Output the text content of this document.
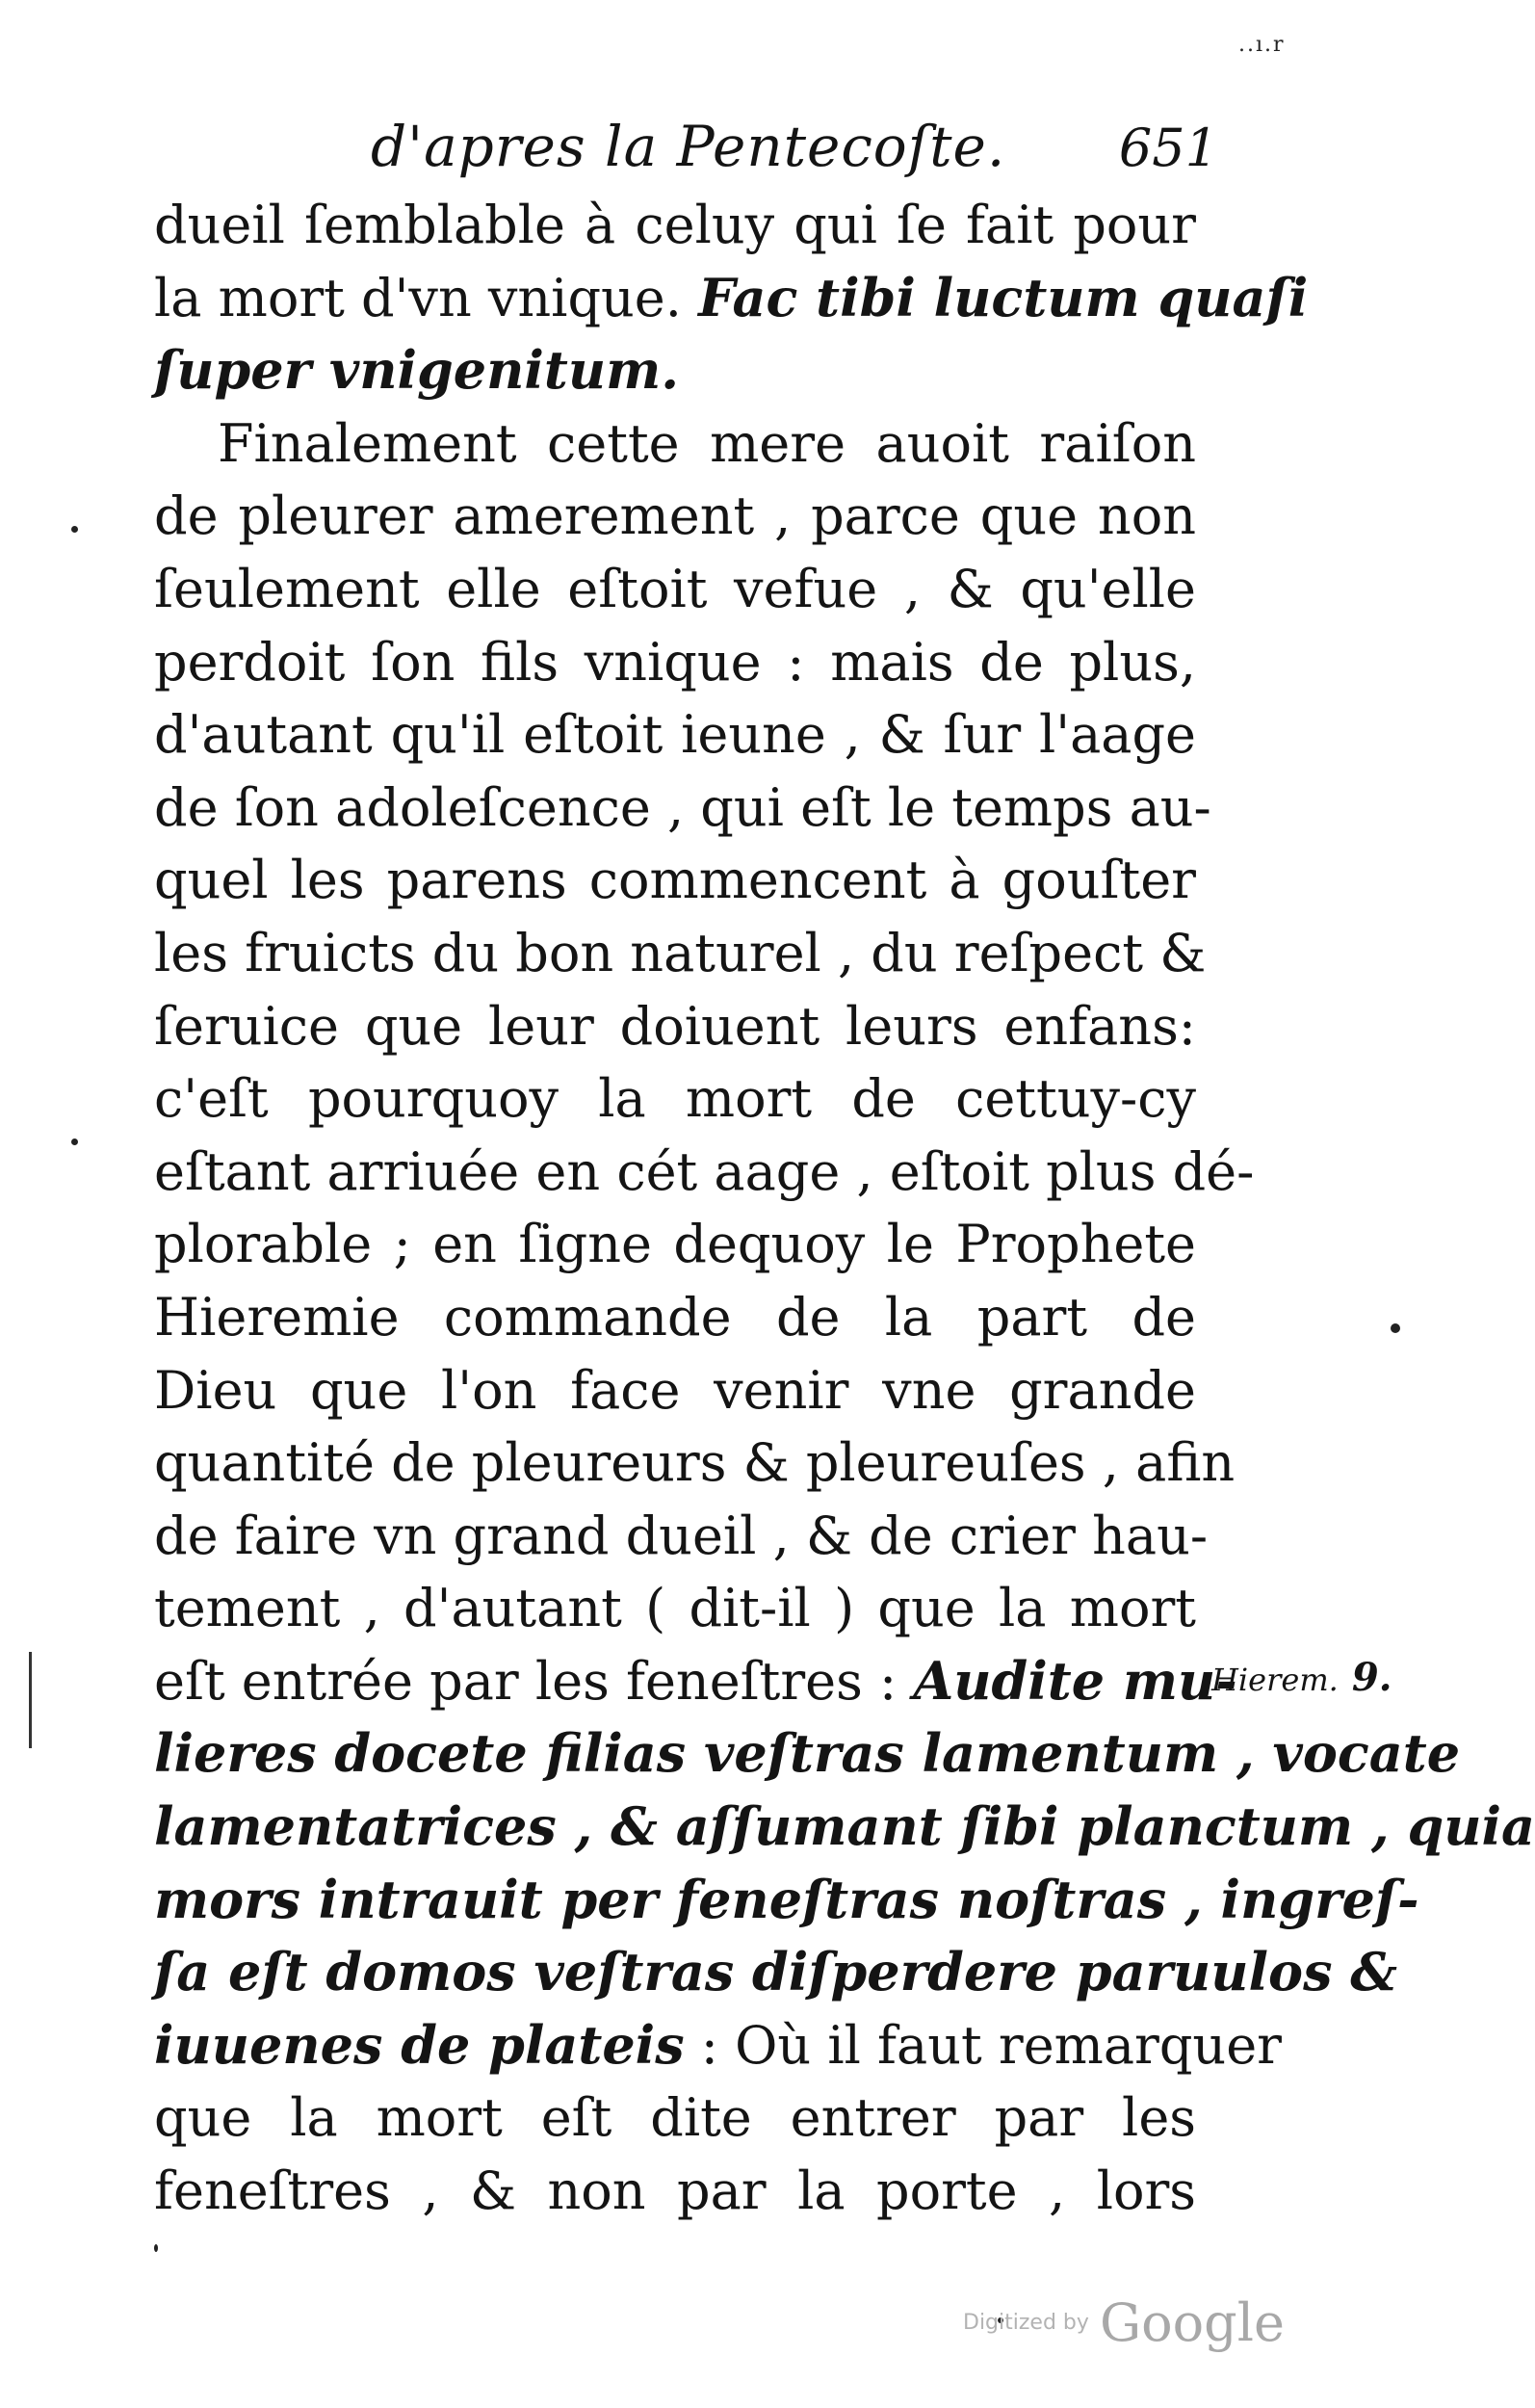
..ı.r
d'apres la Pentecoſte. 651
dueil ſemblable à celuy qui ſe fait pour
la mort d'vn vnique. Fac tibi luctum quaſi
ſuper vnigenitum.
Finalement cette mere auoit raiſon
de pleurer amerement , parce que non
ſeulement elle eſtoit vefue , & qu'elle
perdoit ſon fils vnique : mais de plus,
d'autant qu'il eſtoit ieune , & ſur l'aage
de ſon adoleſcence , qui eſt le temps au-
quel les parens commencent à gouſter
les fruicts du bon naturel , du reſpect &
ſeruice que leur doiuent leurs enfans:
c'eſt pourquoy la mort de cettuy-cy
eſtant arriuée en cét aage , eſtoit plus dé-
plorable ; en ſigne dequoy le Prophete
Hieremie commande de la part de
Dieu que l'on face venir vne grande
quantité de pleureurs & pleureuſes , afin
de faire vn grand dueil , & de crier hau-
tement , d'autant ( dit-il ) que la mort
eſt entrée par les feneſtres : Audite mu-
lieres docete filias veſtras lamentum , vocate
lamentatrices , & aſſumant ſibi planctum , quia
mors intrauit per feneſtras noſtras , ingreſ-
ſa eſt domos veſtras diſperdere paruulos &
iuuenes de plateis : Où il faut remarquer
que la mort eſt dite entrer par les
feneſtres , & non par la porte , lors
Hierem. 9.
Digitized by Google
